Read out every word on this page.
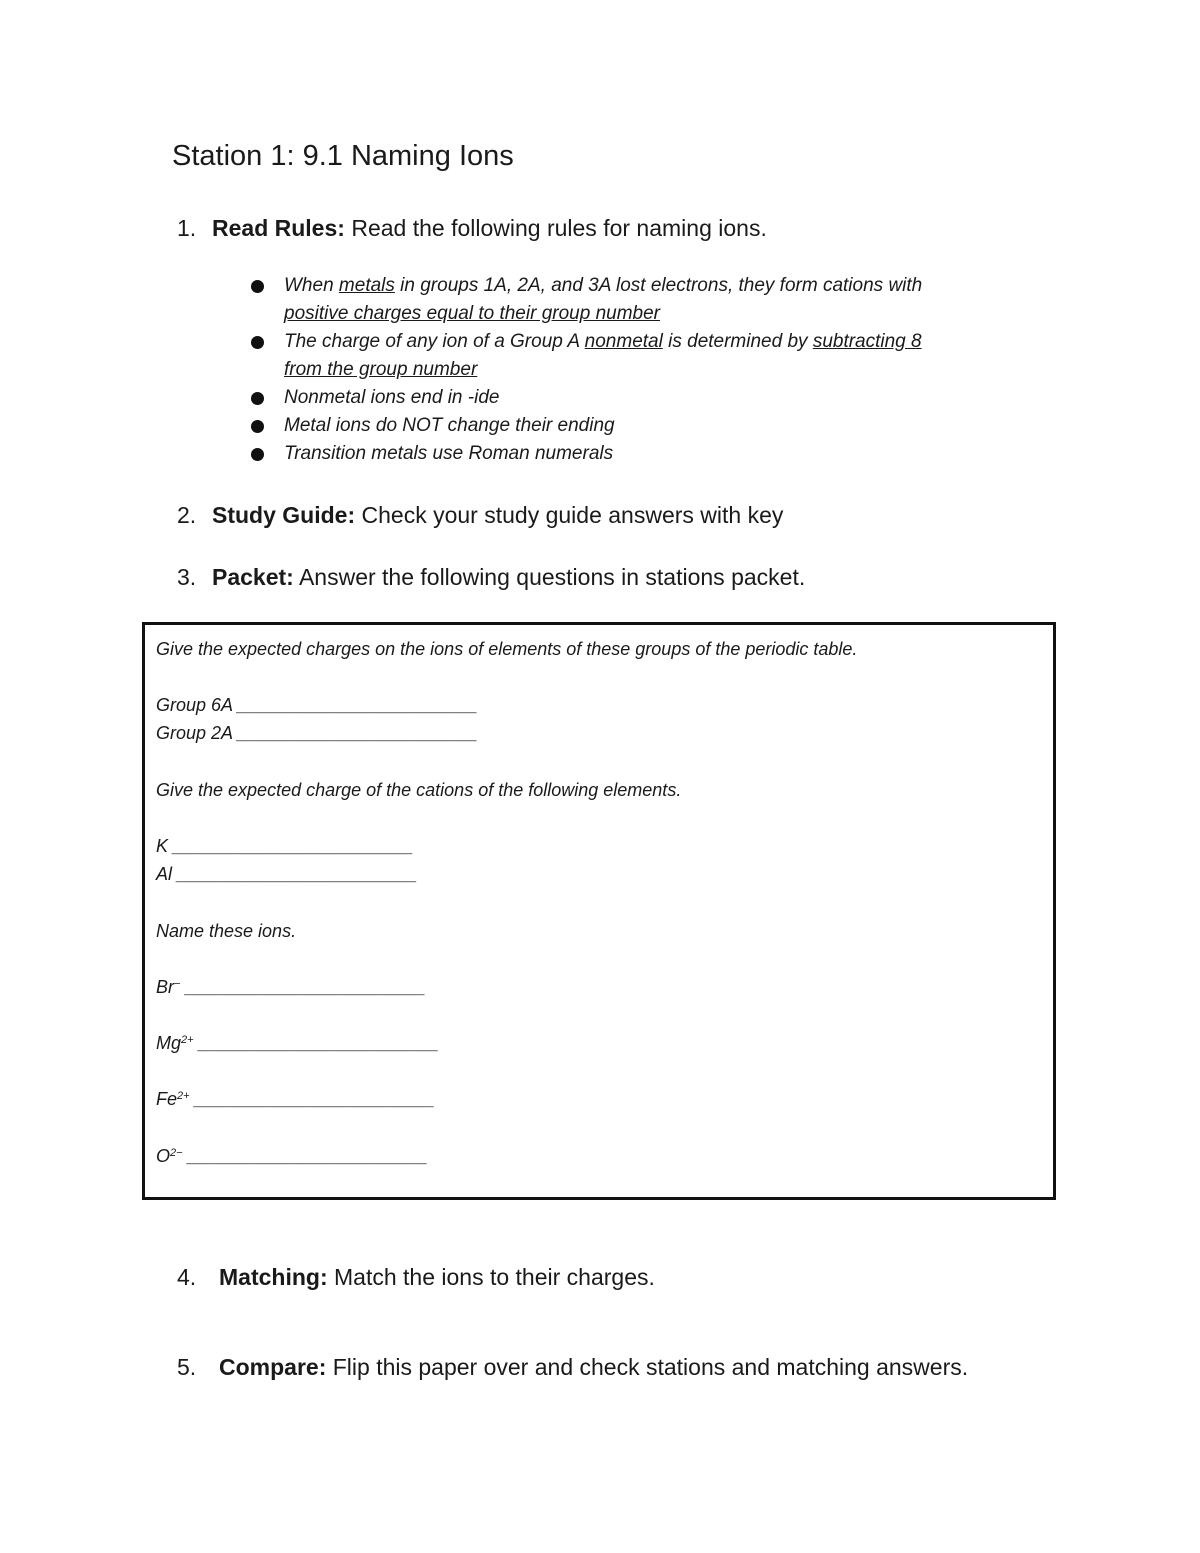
Station 1: 9.1 Naming Ions
1. Read Rules: Read the following rules for naming ions.
When metals in groups 1A, 2A, and 3A lost electrons, they form cations with
positive charges equal to their group number
The charge of any ion of a Group A nonmetal is determined by subtracting 8
from the group number
Nonmetal ions end in -ide
Metal ions do NOT change their ending
Transition metals use Roman numerals
2. Study Guide: Check your study guide answers with key
3. Packet: Answer the following questions in stations packet.
Give the expected charges on the ions of elements of these groups of the periodic table.
Group 6A ________________________
Group 2A ________________________
Give the expected charge of the cations of the following elements.
K ________________________
Al ________________________
Name these ions.
Br− ________________________
$Mg^{2+}$ ________________________
$Fe^{2+}$ ________________________
$O^{2-}$ ________________________
4. Matching: Match the ions to their charges.
5. Compare: Flip this paper over and check stations and matching answers.
